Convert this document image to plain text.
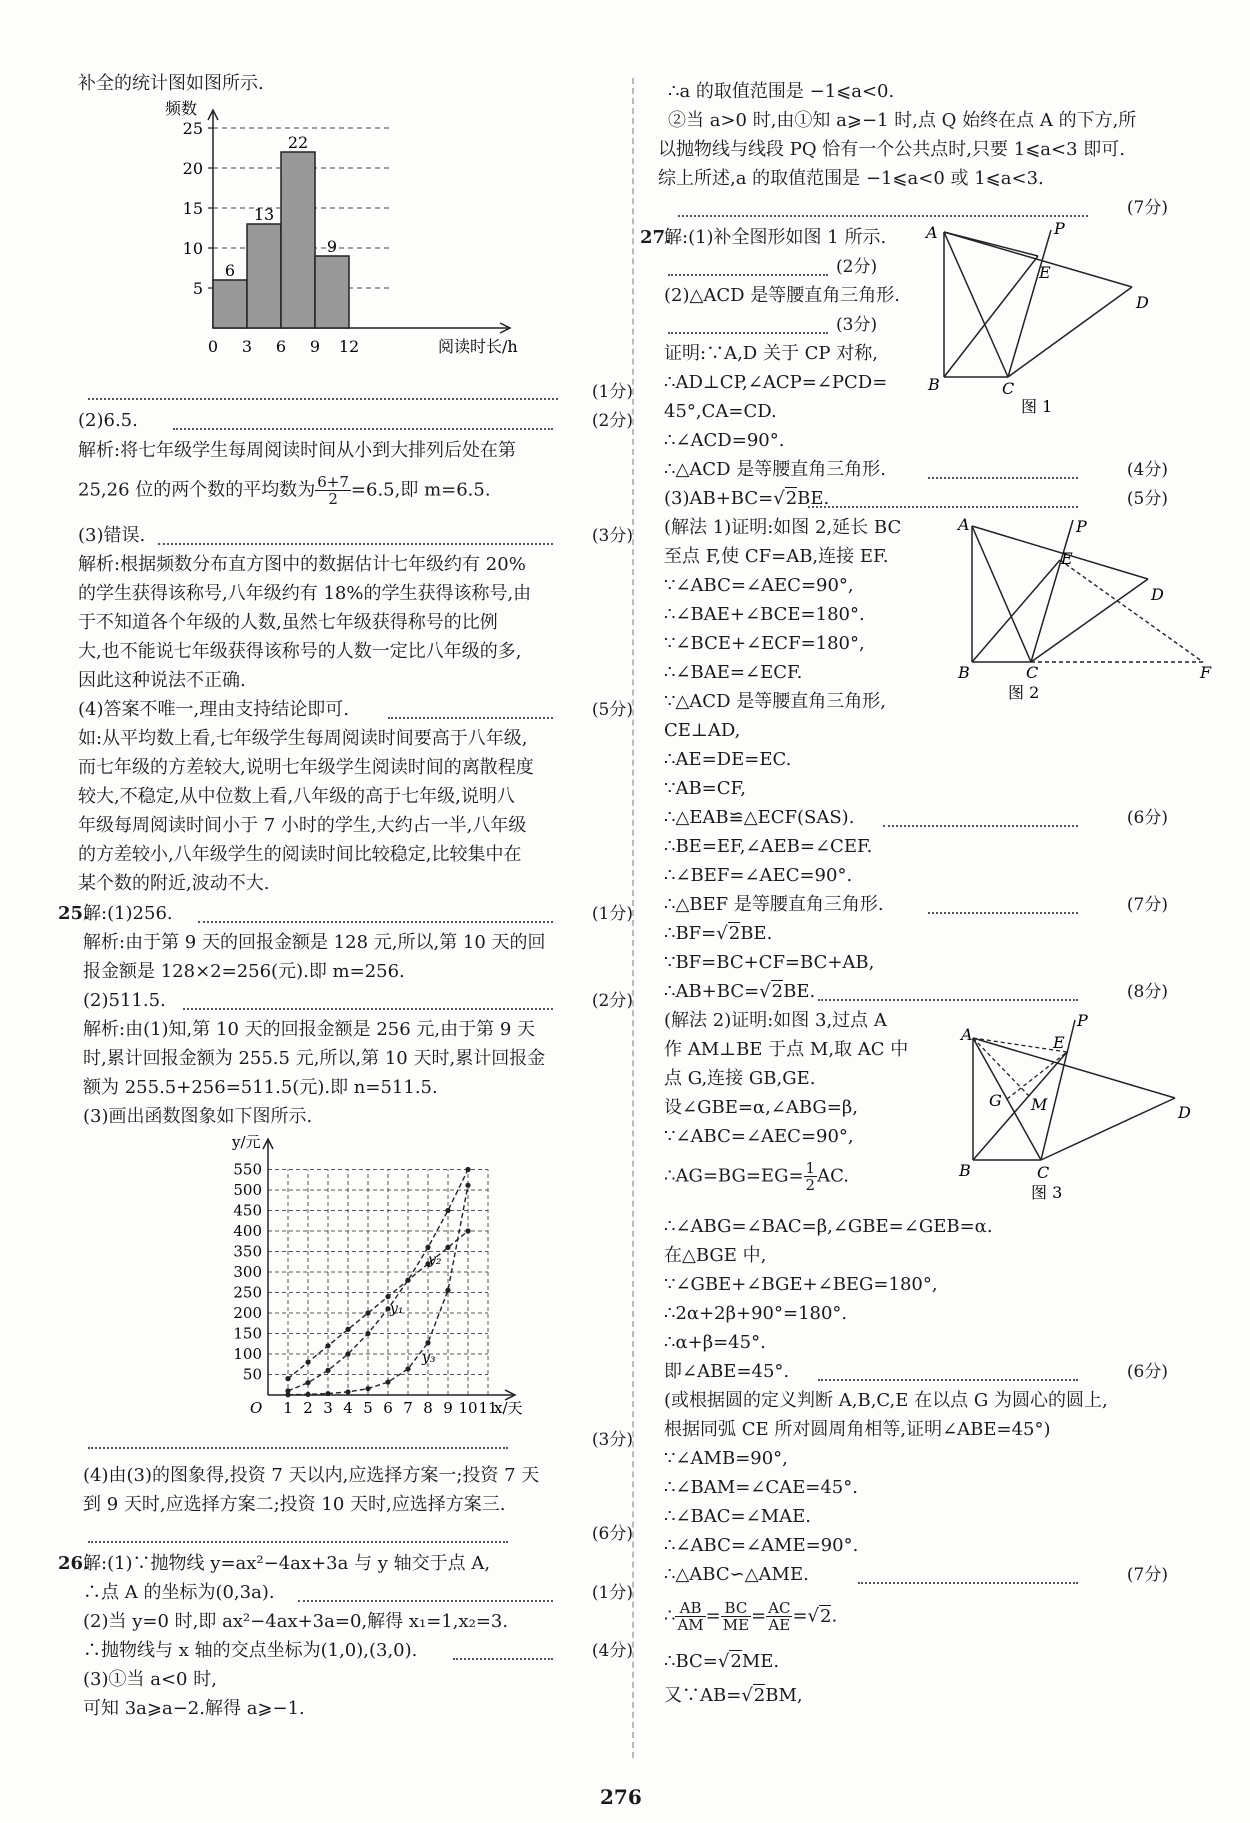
补全的统计图如图所示.
5
10
15
20
25
6
13
22
9
0 3 6 9 12
频数
阅读时长/h
(1分)
(2)6.5.	(2分)
解析:将七年级学生每周阅读时间从小到大排列后处在第
25,26 位的两个数的平均数为 $\frac{6+7}{2} =6.5$,即 m=6.5.
(3)错误.	(3分)
解析:根据频数分布直方图中的数据估计七年级约有 20%
的学生获得该称号,八年级约有 18%的学生获得该称号,由
于不知道各个年级的人数,虽然七年级获得称号的比例
大,也不能说七年级获得该称号的人数一定比八年级的多,
因此这种说法不正确.
(4)答案不唯一,理由支持结论即可.	(5分)
如:从平均数上看,七年级学生每周阅读时间要高于八年级,
而七年级的方差较大,说明七年级学生阅读时间的离散程度
较大,不稳定,从中位数上看,八年级的高于七年级,说明八
年级每周阅读时间小于 7 小时的学生,大约占一半,八年级
的方差较小,八年级学生的阅读时间比较稳定,比较集中在
某个数的附近,波动不大.
25.
解:(1)256.	(1分)
解析:由于第 9 天的回报金额是 128 元,所以,第 10 天的回
报金额是 128×2=256(元).即 m=256.
(2)511.5.	(2分)
解析:由(1)知,第 10 天的回报金额是 256 元,由于第 9 天
时,累计回报金额为 255.5 元,所以,第 10 天时,累计回报金
额为 255.5+256=511.5(元).即 n=511.5.
(3)画出函数图象如下图所示.
50
100
150
200
250
300
350
400
450
500
550
1 2 3 4 5 6 7 8 9 10 11
y/元
x/天
O
y₁
y₂
y₃
(3分)
(4)由(3)的图象得,投资 7 天以内,应选择方案一;投资 7 天
到 9 天时,应选择方案二;投资 10 天时,应选择方案三.
(6分)
26.
解:(1)∵抛物线 y=ax²−4ax+3a 与 y 轴交于点 A,
∴点 A 的坐标为(0,3a).	(1分)
(2)当 y=0 时,即 ax²−4ax+3a=0,解得 x₁=1,x₂=3.
∴抛物线与 x 轴的交点坐标为(1,0),(3,0).	(4分)
(3)①当 a<0 时,
可知 3a⩾a−2.解得 a⩾−1.
∴a 的取值范围是 −1⩽a<0.
②当 a>0 时,由①知 a⩾−1 时,点 Q 始终在点 A 的下方,所
以抛物线与线段 PQ 恰有一个公共点时,只要 1⩽a<3 即可.
综上所述,a 的取值范围是 −1⩽a<0 或 1⩽a<3.
(7分)
27.
解:(1)补全图形如图 1 所示.
(2分)
(2)△ACD 是等腰直角三角形.
(3分)
A	P
E
D
B	C
图 1
证明:∵A,D 关于 CP 对称,
∴AD⊥CP,∠ACP=∠PCD=
45°,CA=CD.
∴∠ACD=90°.
∴△ACD 是等腰直角三角形.	(4分)
(3)AB+BC=√2BE.	(5分)
(解法 1)证明:如图 2,延长 BC
至点 F,使 CF=AB,连接 EF.
∵∠ABC=∠AEC=90°,
∴∠BAE+∠BCE=180°.
∵∠BCE+∠ECF=180°,
∴∠BAE=∠ECF.
∵△ACD 是等腰直角三角形,
CE⊥AD,
∴AE=DE=EC.
∵AB=CF,
∴△EAB≌△ECF(SAS).	(6分)
∴BE=EF,∠AEB=∠CEF.
∴∠BEF=∠AEC=90°.
∴△BEF 是等腰直角三角形.	(7分)
∴BF=√2BE.
∵BF=BC+CF=BC+AB,
∴AB+BC=√2BE.	(8分)
A	P
E
D
B	C	F
图 2
(解法 2)证明:如图 3,过点 A
作 AM⊥BE 于点 M,取 AC 中
点 G,连接 GB,GE.
设∠GBE=α,∠ABG=β,
∵∠ABC=∠AEC=90°,
∴AG=BG=EG= $\frac{1}{2}$ AC.
A	E
P
G M	D
B	C
图 3
∴∠ABG=∠BAC=β,∠GBE=∠GEB=α.
在△BGE 中,
∵∠GBE+∠BGE+∠BEG=180°,
∴2α+2β+90°=180°.
∴α+β=45°.
即∠ABE=45°.	(6分)
(或根据圆的定义判断 A,B,C,E 在以点 G 为圆心的圆上,
根据同弧 CE 所对圆周角相等,证明∠ABE=45°)
∵∠AMB=90°,
∴∠BAM=∠CAE=45°.
∴∠BAC=∠MAE.
∴∠ABC=∠AME=90°.
∴△ABC∽△AME.	(7分)
∴ $\frac{AB}{AM} = \frac{BC}{ME} = \frac{AC}{AE} =√2$.
∴BC=√2ME.
又∵AB=√2BM,
276
